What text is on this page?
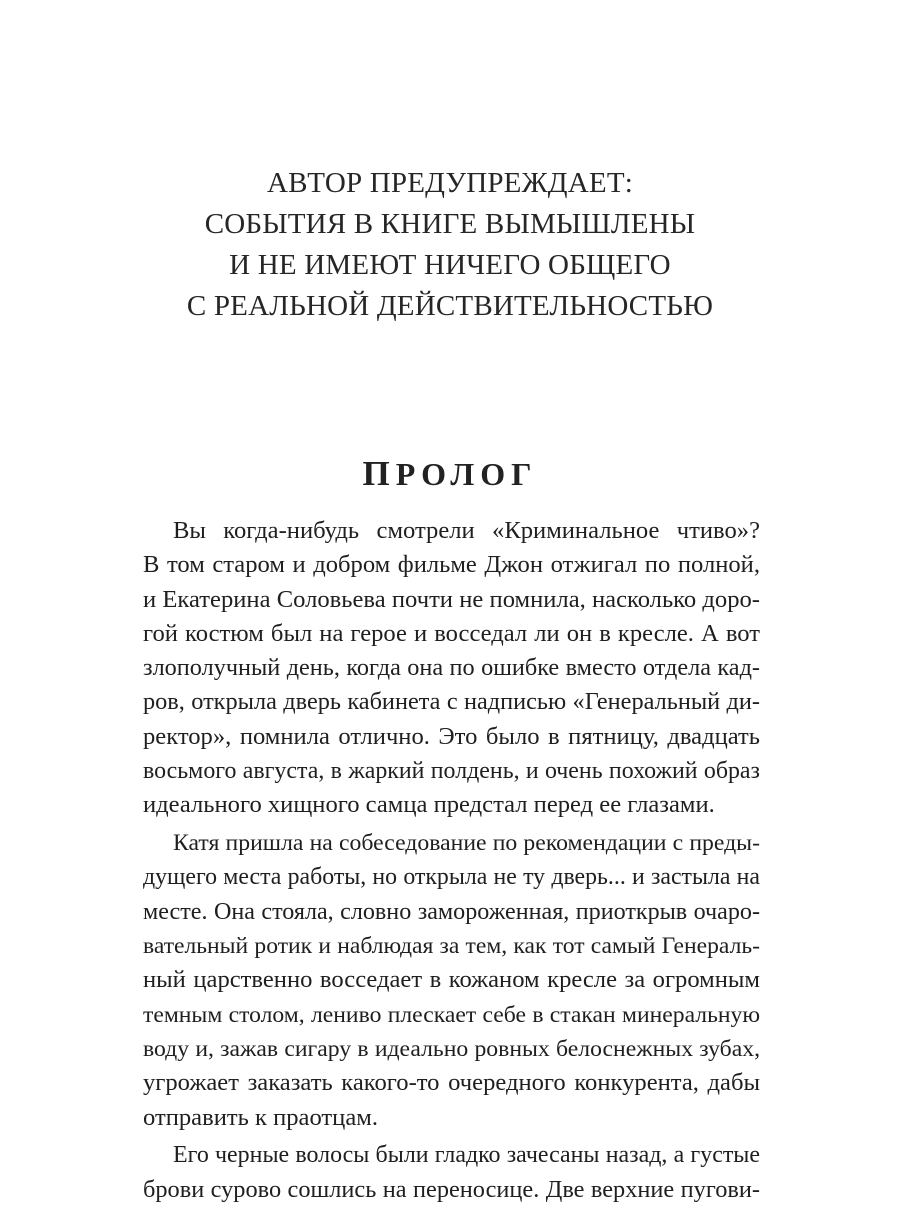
АВТОР ПРЕДУПРЕЖДАЕТ:
СОБЫТИЯ В КНИГЕ ВЫМЫШЛЕНЫ
И НЕ ИМЕЮТ НИЧЕГО ОБЩЕГО
С РЕАЛЬНОЙ ДЕЙСТВИТЕЛЬНОСТЬЮ
ПРОЛОГ
Вы когда-нибудь смотрели «Криминальное чтиво»?
В том старом и добром фильме Джон отжигал по полной,
и Екатерина Соловьева почти не помнила, насколько доро-
гой костюм был на герое и восседал ли он в кресле. А вот
злополучный день, когда она по ошибке вместо отдела кад-
ров, открыла дверь кабинета с надписью «Генеральный ди-
ректор», помнила отлично. Это было в пятницу, двадцать
восьмого августа, в жаркий полдень, и очень похожий образ
идеального хищного самца предстал перед ее глазами.
Катя пришла на собеседование по рекомендации с преды-
дущего места работы, но открыла не ту дверь... и застыла на
месте. Она стояла, словно замороженная, приоткрыв очаро-
вательный ротик и наблюдая за тем, как тот самый Генераль-
ный царственно восседает в кожаном кресле за огромным
темным столом, лениво плескает себе в стакан минеральную
воду и, зажав сигару в идеально ровных белоснежных зубах,
угрожает заказать какого-то очередного конкурента, дабы
отправить к праотцам.
Его черные волосы были гладко зачесаны назад, а густые
брови сурово сошлись на переносице. Две верхние пугови-
